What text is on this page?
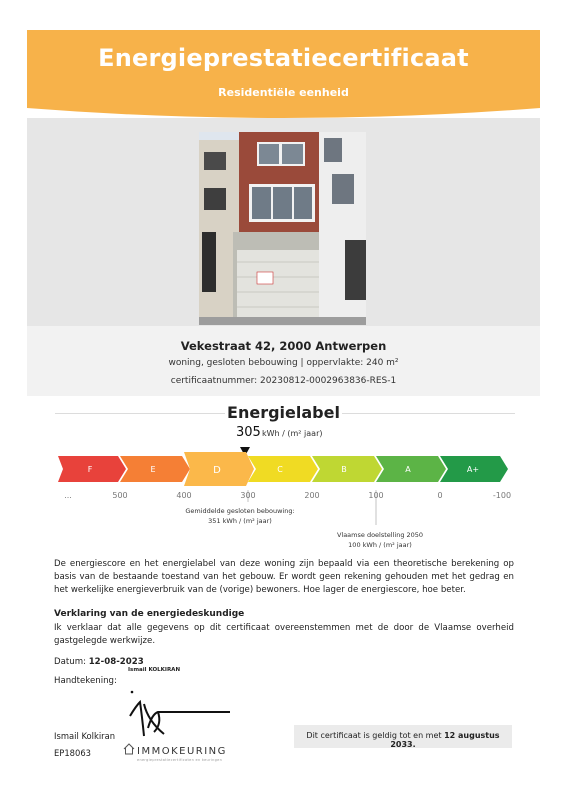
Energieprestatiecertificaat
Residentiële eenheid
Vekestraat 42, 2000 Antwerpen
woning, gesloten bebouwing | oppervlakte: 240 m²
certificaatnummer: 20230812-0002963836-RES-1
Energielabel
305 kWh / (m² jaar)
F	E	D	C	B	A	A+
...	500	400	300	200	100	0	-100
Gemiddelde gesloten bebouwing:
351 kWh / (m² jaar)
Vlaamse doelstelling 2050
100 kWh / (m² jaar)
De energiescore en het energielabel van deze woning zijn bepaald via een theoretische berekening op basis van de bestaande toestand van het gebouw. Er wordt geen rekening gehouden met het gedrag en het werkelijke energieverbruik van de (vorige) bewoners. Hoe lager de energiescore, hoe beter.
Verklaring van de energiedeskundige
Ik verklaar dat alle gegevens op dit certificaat overeenstemmen met de door de Vlaamse overheid gastgelegde werkwijze.
Datum: 12-08-2023
Handtekening:
Ismail KOLKIRAN
IMMOKEURING
energieprestatiecertificaten en keuringen
Ismail Kolkiran
EP18063
Dit certificaat is geldig tot en met 12 augustus 2033.
